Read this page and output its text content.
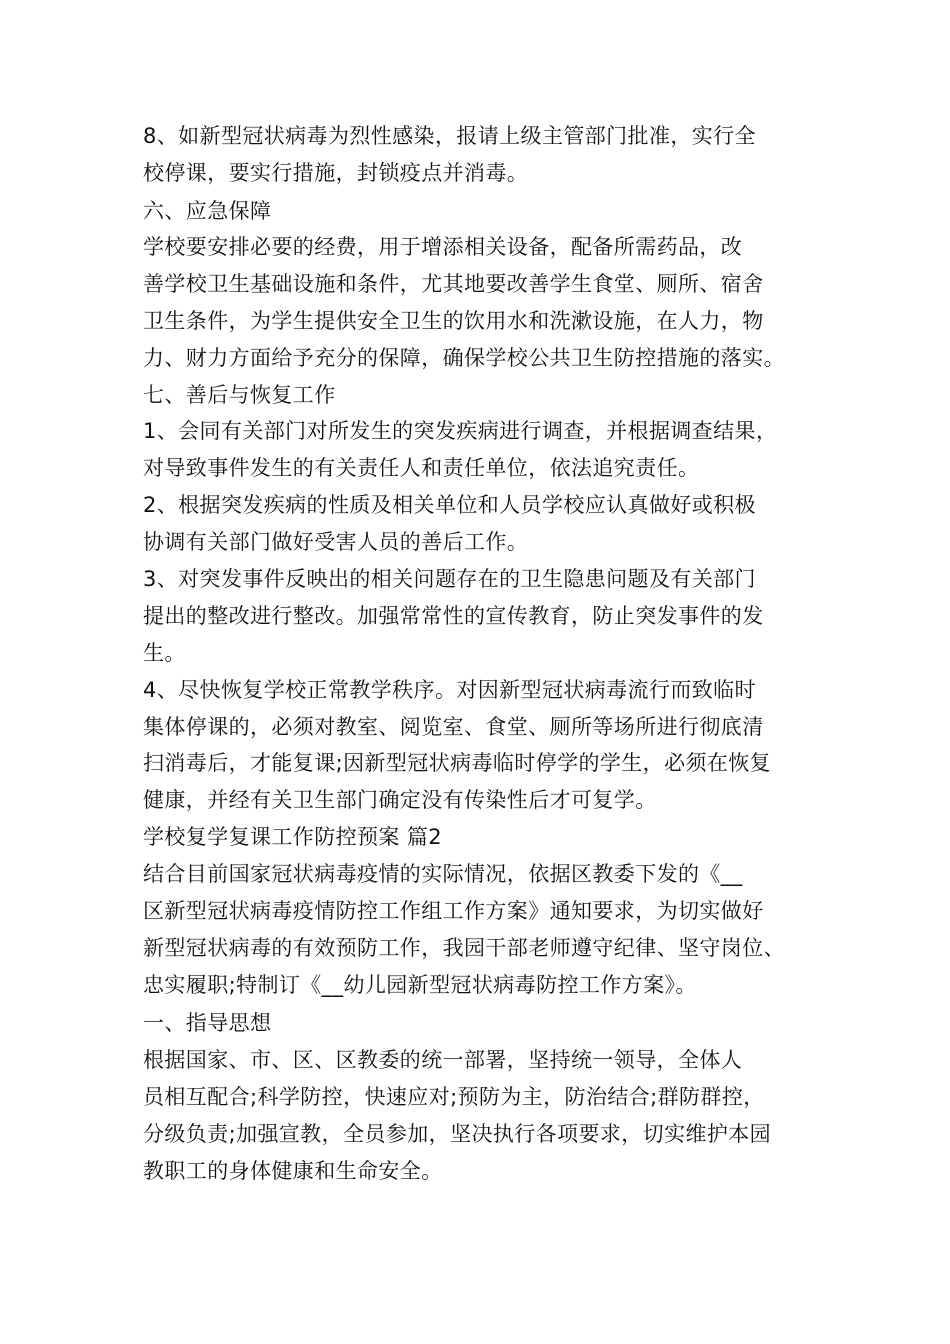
8、如新型冠状病毒为烈性感染，报请上级主管部门批准，实行全
校停课，要实行措施，封锁疫点并消毒。
六、应急保障
学校要安排必要的经费，用于增添相关设备，配备所需药品，改
善学校卫生基础设施和条件，尤其地要改善学生食堂、厕所、宿舍
卫生条件，为学生提供安全卫生的饮用水和洗漱设施，在人力，物
力、财力方面给予充分的保障，确保学校公共卫生防控措施的落实。
七、善后与恢复工作
1、会同有关部门对所发生的突发疾病进行调查，并根据调查结果，
对导致事件发生的有关责任人和责任单位，依法追究责任。
2、根据突发疾病的性质及相关单位和人员学校应认真做好或积极
协调有关部门做好受害人员的善后工作。
3、对突发事件反映出的相关问题存在的卫生隐患问题及有关部门
提出的整改进行整改。加强常常性的宣传教育，防止突发事件的发
生。
4、尽快恢复学校正常教学秩序。对因新型冠状病毒流行而致临时
集体停课的，必须对教室、阅览室、食堂、厕所等场所进行彻底清
扫消毒后，才能复课;因新型冠状病毒临时停学的学生，必须在恢复
健康，并经有关卫生部门确定没有传染性后才可复学。
学校复学复课工作防控预案 篇2
结合目前国家冠状病毒疫情的实际情况，依据区教委下发的《__
区新型冠状病毒疫情防控工作组工作方案》通知要求，为切实做好
新型冠状病毒的有效预防工作，我园干部老师遵守纪律、坚守岗位、
忠实履职;特制订《__幼儿园新型冠状病毒防控工作方案》。
一、指导思想
根据国家、市、区、区教委的统一部署，坚持统一领导，全体人
员相互配合;科学防控，快速应对;预防为主，防治结合;群防群控，
分级负责;加强宣教，全员参加，坚决执行各项要求，切实维护本园
教职工的身体健康和生命安全。
